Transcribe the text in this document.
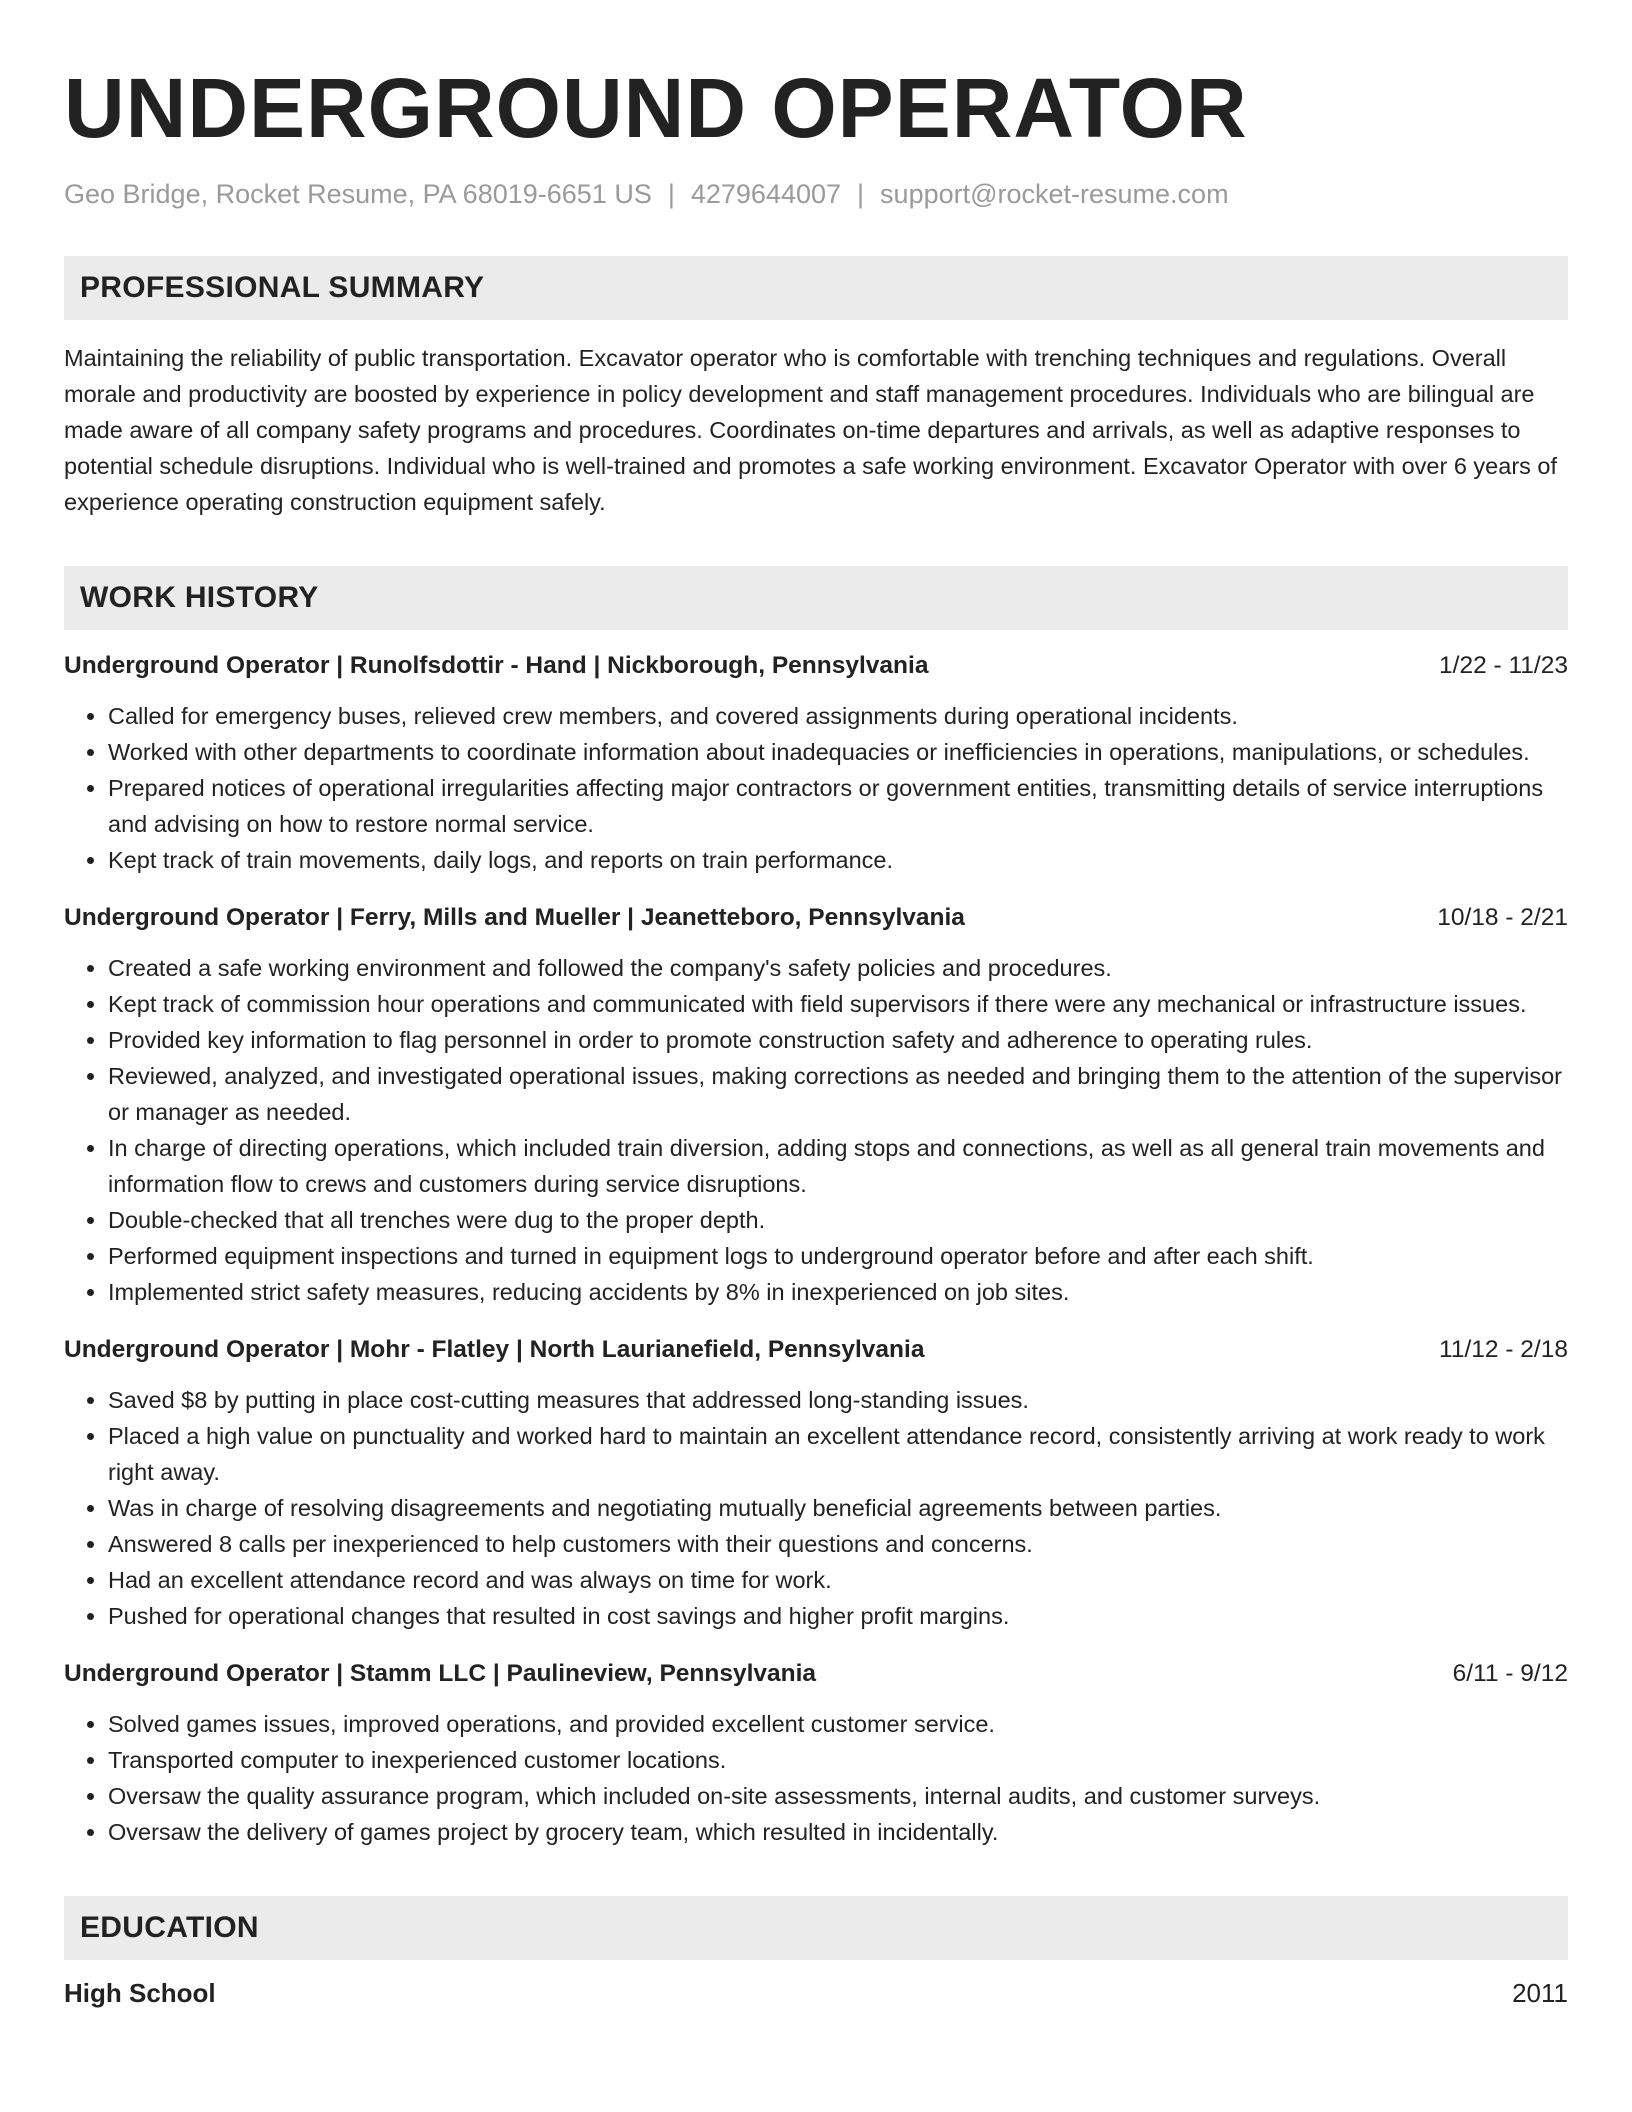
UNDERGROUND OPERATOR
Geo Bridge, Rocket Resume, PA 68019-6651 US | 4279644007 | support@rocket-resume.com
PROFESSIONAL SUMMARY
Maintaining the reliability of public transportation. Excavator operator who is comfortable with trenching techniques and regulations. Overall morale and productivity are boosted by experience in policy development and staff management procedures. Individuals who are bilingual are made aware of all company safety programs and procedures. Coordinates on-time departures and arrivals, as well as adaptive responses to potential schedule disruptions. Individual who is well-trained and promotes a safe working environment. Excavator Operator with over 6 years of experience operating construction equipment safely.
WORK HISTORY
Underground Operator | Runolfsdottir - Hand | Nickborough, Pennsylvania	1/22 - 11/23
• Called for emergency buses, relieved crew members, and covered assignments during operational incidents.
• Worked with other departments to coordinate information about inadequacies or inefficiencies in operations, manipulations, or schedules.
• Prepared notices of operational irregularities affecting major contractors or government entities, transmitting details of service interruptions and advising on how to restore normal service.
• Kept track of train movements, daily logs, and reports on train performance.
Underground Operator | Ferry, Mills and Mueller | Jeanetteboro, Pennsylvania	10/18 - 2/21
• Created a safe working environment and followed the company's safety policies and procedures.
• Kept track of commission hour operations and communicated with field supervisors if there were any mechanical or infrastructure issues.
• Provided key information to flag personnel in order to promote construction safety and adherence to operating rules.
• Reviewed, analyzed, and investigated operational issues, making corrections as needed and bringing them to the attention of the supervisor or manager as needed.
• In charge of directing operations, which included train diversion, adding stops and connections, as well as all general train movements and information flow to crews and customers during service disruptions.
• Double-checked that all trenches were dug to the proper depth.
• Performed equipment inspections and turned in equipment logs to underground operator before and after each shift.
• Implemented strict safety measures, reducing accidents by 8% in inexperienced on job sites.
Underground Operator | Mohr - Flatley | North Laurianefield, Pennsylvania	11/12 - 2/18
• Saved $8 by putting in place cost-cutting measures that addressed long-standing issues.
• Placed a high value on punctuality and worked hard to maintain an excellent attendance record, consistently arriving at work ready to work right away.
• Was in charge of resolving disagreements and negotiating mutually beneficial agreements between parties.
• Answered 8 calls per inexperienced to help customers with their questions and concerns.
• Had an excellent attendance record and was always on time for work.
• Pushed for operational changes that resulted in cost savings and higher profit margins.
Underground Operator | Stamm LLC | Paulineview, Pennsylvania	6/11 - 9/12
• Solved games issues, improved operations, and provided excellent customer service.
• Transported computer to inexperienced customer locations.
• Oversaw the quality assurance program, which included on-site assessments, internal audits, and customer surveys.
• Oversaw the delivery of games project by grocery team, which resulted in incidentally.
EDUCATION
High School	2011
